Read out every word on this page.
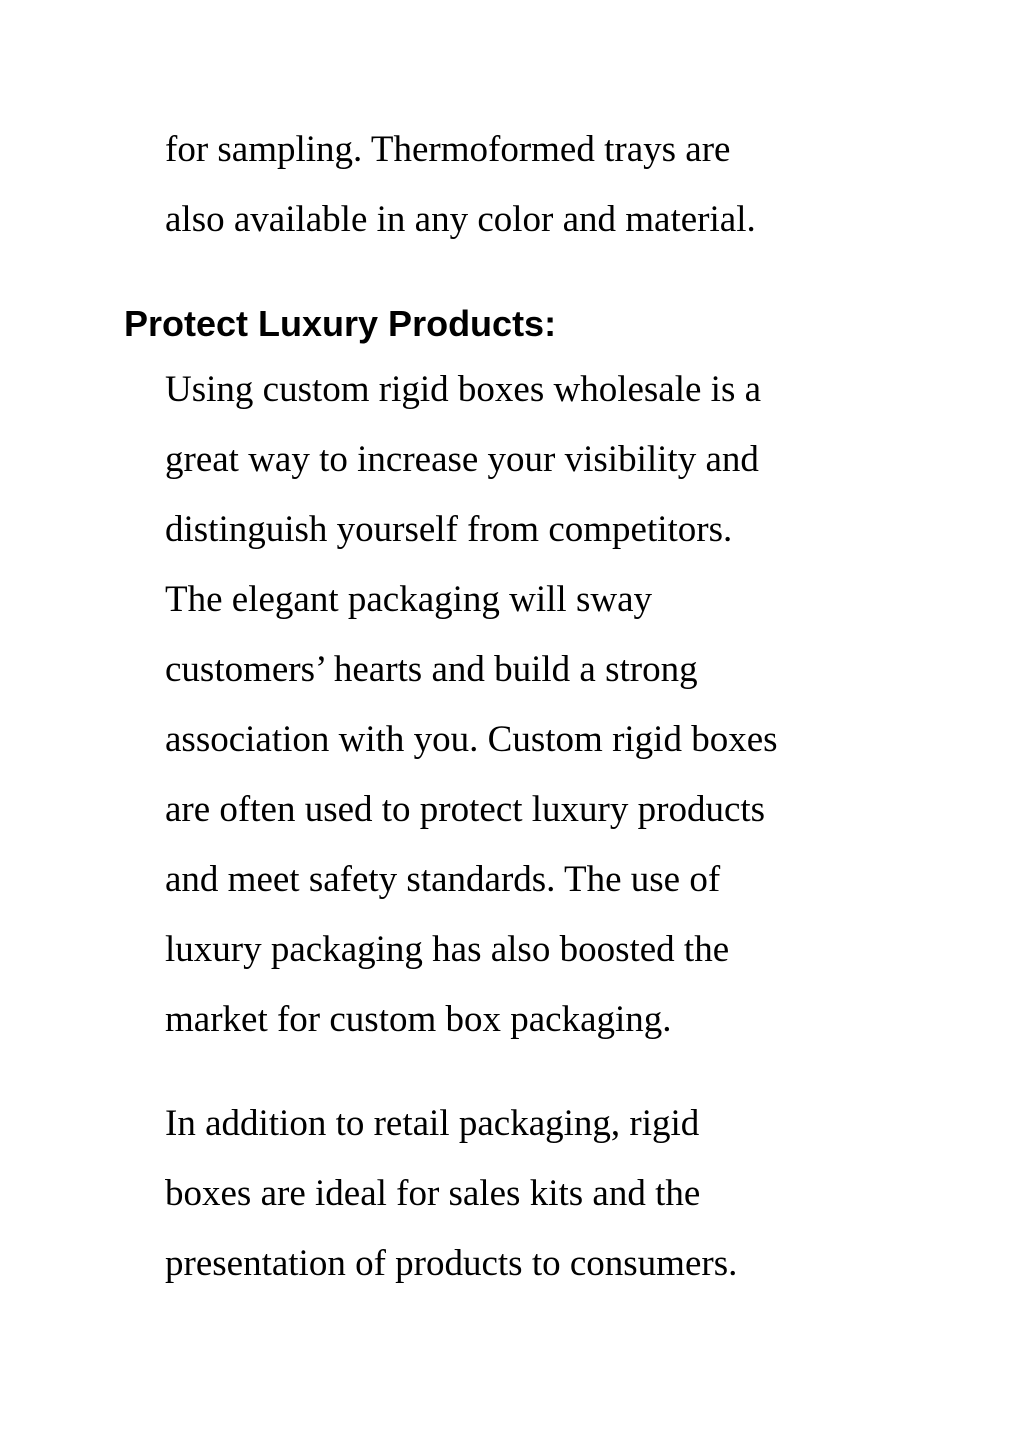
for sampling. Thermoformed trays are
also available in any color and material.
Protect Luxury Products:
Using custom rigid boxes wholesale is a
great way to increase your visibility and
distinguish yourself from competitors.
The elegant packaging will sway
customers’ hearts and build a strong
association with you. Custom rigid boxes
are often used to protect luxury products
and meet safety standards. The use of
luxury packaging has also boosted the
market for custom box packaging.
In addition to retail packaging, rigid
boxes are ideal for sales kits and the
presentation of products to consumers.
